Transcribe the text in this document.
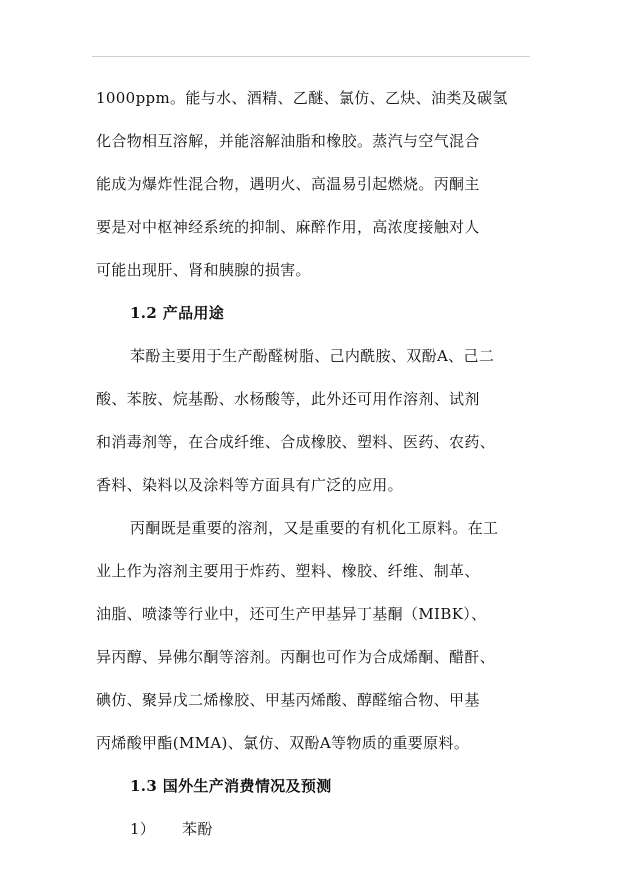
1000ppm。能与水、酒精、乙醚、氯仿、乙炔、油类及碳氢
化合物相互溶解，并能溶解油脂和橡胶。蒸汽与空气混合
能成为爆炸性混合物，遇明火、高温易引起燃烧。丙酮主
要是对中枢神经系统的抑制、麻醉作用，高浓度接触对人
可能出现肝、肾和胰腺的损害。
1.2 产品用途
苯酚主要用于生产酚醛树脂、己内酰胺、双酚A、己二
酸、苯胺、烷基酚、水杨酸等，此外还可用作溶剂、试剂
和消毒剂等，在合成纤维、合成橡胶、塑料、医药、农药、
香料、染料以及涂料等方面具有广泛的应用。
丙酮既是重要的溶剂，又是重要的有机化工原料。在工
业上作为溶剂主要用于炸药、塑料、橡胶、纤维、制革、
油脂、喷漆等行业中，还可生产甲基异丁基酮（MIBK）、
异丙醇、异佛尔酮等溶剂。丙酮也可作为合成烯酮、醋酐、
碘仿、聚异戊二烯橡胶、甲基丙烯酸、醇醛缩合物、甲基
丙烯酸甲酯(MMA)、氯仿、双酚A等物质的重要原料。
1.3 国外生产消费情况及预测
1） 苯酚
